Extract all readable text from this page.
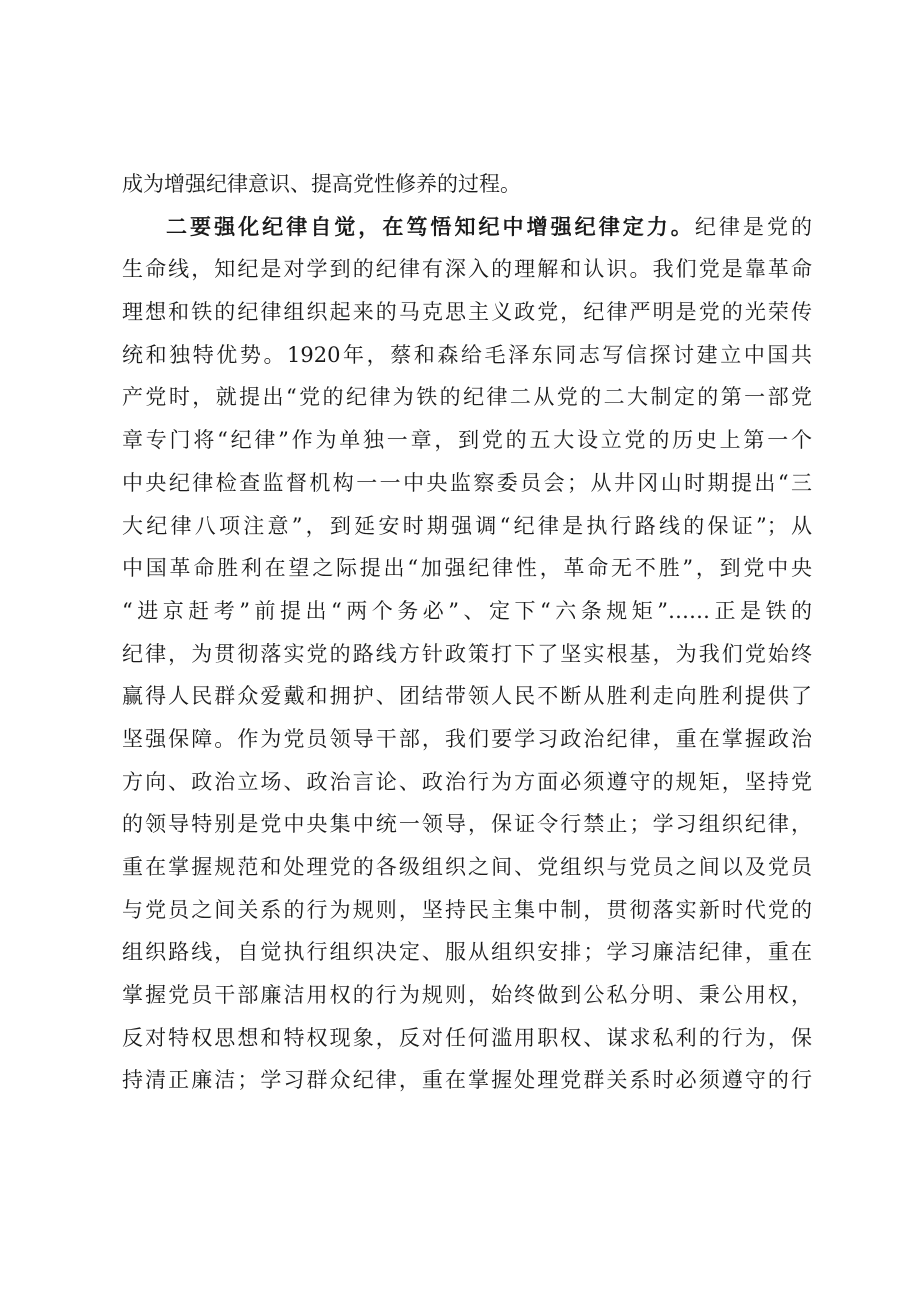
成为增强纪律意识、提高党性修养的过程。
二要强化纪律自觉，在笃悟知纪中增强纪律定力。纪律是党的
生命线，知纪是对学到的纪律有深入的理解和认识。我们党是靠革命
理想和铁的纪律组织起来的马克思主义政党，纪律严明是党的光荣传
统和独特优势。1920年，蔡和森给毛泽东同志写信探讨建立中国共
产党时，就提出“党的纪律为铁的纪律二从党的二大制定的第一部党
章专门将“纪律”作为单独一章，到党的五大设立党的历史上第一个
中央纪律检查监督机构一一中央监察委员会；从井冈山时期提出“三
大纪律八项注意”，到延安时期强调“纪律是执行路线的保证”；从
中国革命胜利在望之际提出“加强纪律性，革命无不胜”，到党中央
“进京赶考”前提出“两个务必”、定下“六条规矩”……正是铁的
纪律，为贯彻落实党的路线方针政策打下了坚实根基，为我们党始终
赢得人民群众爱戴和拥护、团结带领人民不断从胜利走向胜利提供了
坚强保障。作为党员领导干部，我们要学习政治纪律，重在掌握政治
方向、政治立场、政治言论、政治行为方面必须遵守的规矩，坚持党
的领导特别是党中央集中统一领导，保证令行禁止；学习组织纪律，
重在掌握规范和处理党的各级组织之间、党组织与党员之间以及党员
与党员之间关系的行为规则，坚持民主集中制，贯彻落实新时代党的
组织路线，自觉执行组织决定、服从组织安排；学习廉洁纪律，重在
掌握党员干部廉洁用权的行为规则，始终做到公私分明、秉公用权，
反对特权思想和特权现象，反对任何滥用职权、谋求私利的行为，保
持清正廉洁；学习群众纪律，重在掌握处理党群关系时必须遵守的行
